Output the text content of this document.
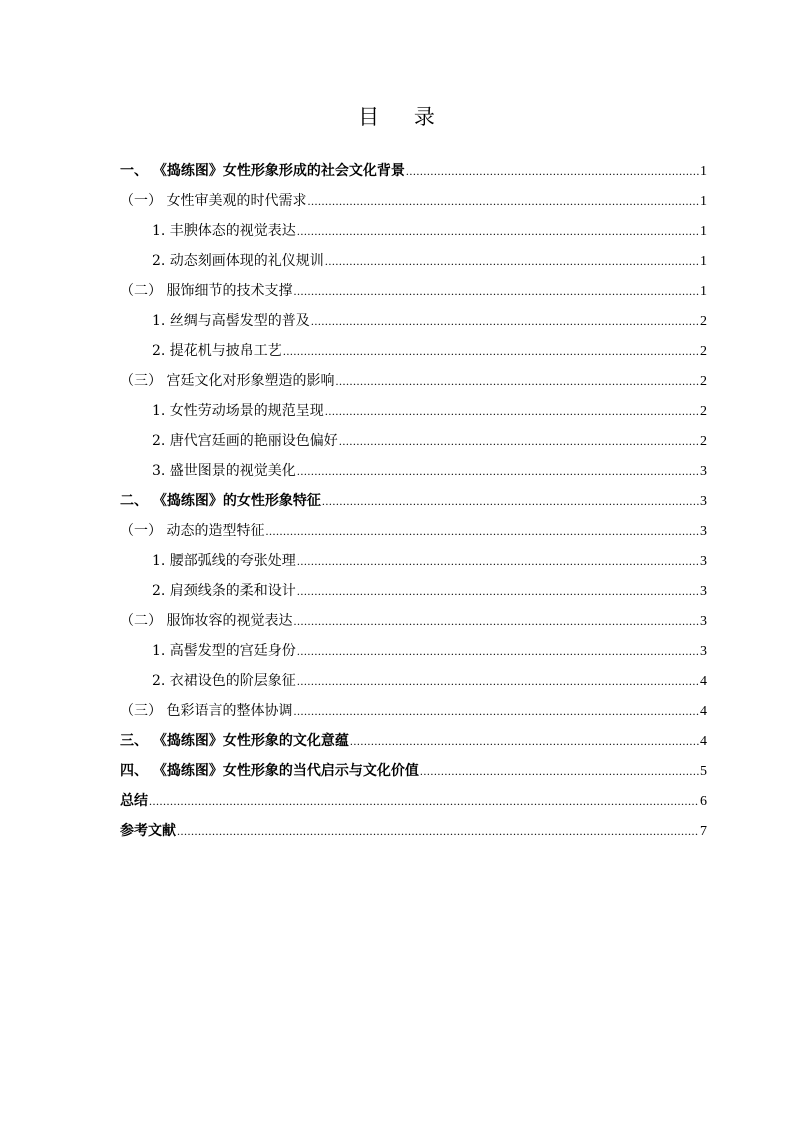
目 录
一、 《捣练图》女性形象形成的社会文化背景 .....	1
（一） 女性审美观的时代需求 .....	1
1. 丰腴体态的视觉表达 .....	1
2. 动态刻画体现的礼仪规训 .....	1
（二） 服饰细节的技术支撑 .....	1
1. 丝绸与高髻发型的普及 .....	2
2. 提花机与披帛工艺 .....	2
（三） 宫廷文化对形象塑造的影响 .....	2
1. 女性劳动场景的规范呈现 .....	2
2. 唐代宫廷画的艳丽设色偏好 .....	2
3. 盛世图景的视觉美化 .....	3
二、 《捣练图》的女性形象特征 .....	3
（一） 动态的造型特征 .....	3
1. 腰部弧线的夸张处理 .....	3
2. 肩颈线条的柔和设计 .....	3
（二） 服饰妆容的视觉表达 .....	3
1. 高髻发型的宫廷身份 .....	3
2. 衣裙设色的阶层象征 .....	4
（三） 色彩语言的整体协调 .....	4
三、 《捣练图》女性形象的文化意蕴 .....	4
四、 《捣练图》女性形象的当代启示与文化价值 .....	5
总结 .....	6
参考文献 .....	7
